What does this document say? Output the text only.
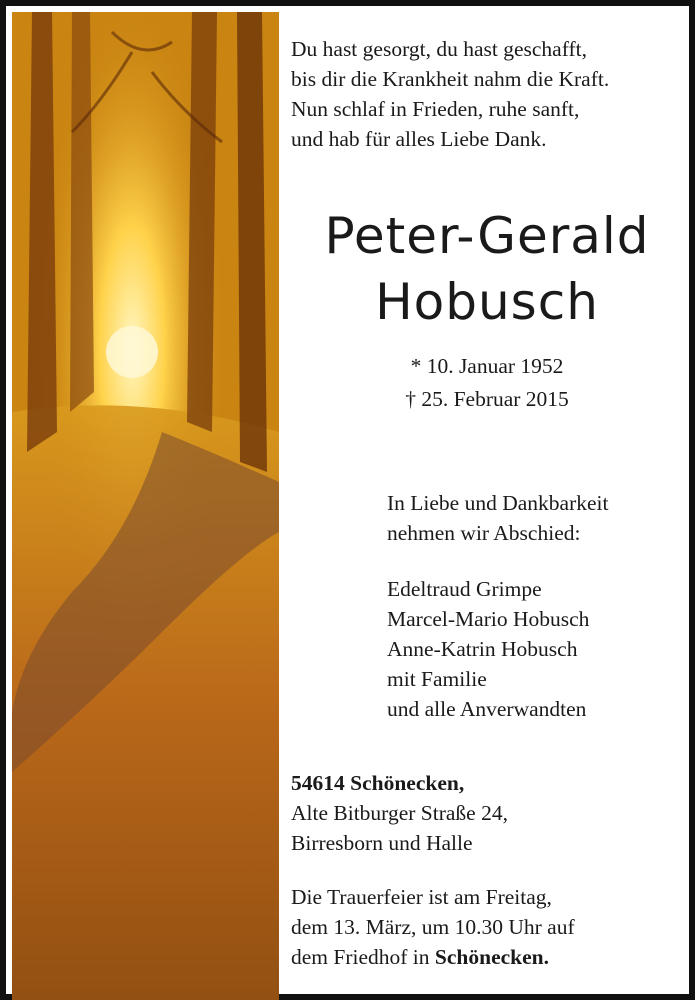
Du hast gesorgt, du hast geschafft,
bis dir die Krankheit nahm die Kraft.
Nun schlaf in Frieden, ruhe sanft,
und hab für alles Liebe Dank.
Peter-Gerald
Hobusch
* 10. Januar 1952
† 25. Februar 2015
In Liebe und Dankbarkeit
nehmen wir Abschied:
Edeltraud Grimpe
Marcel-Mario Hobusch
Anne-Katrin Hobusch
mit Familie
und alle Anverwandten
54614 Schönecken,
Alte Bitburger Straße 24,
Birresborn und Halle
Die Trauerfeier ist am Freitag,
dem 13. März, um 10.30 Uhr auf
dem Friedhof in Schönecken.
